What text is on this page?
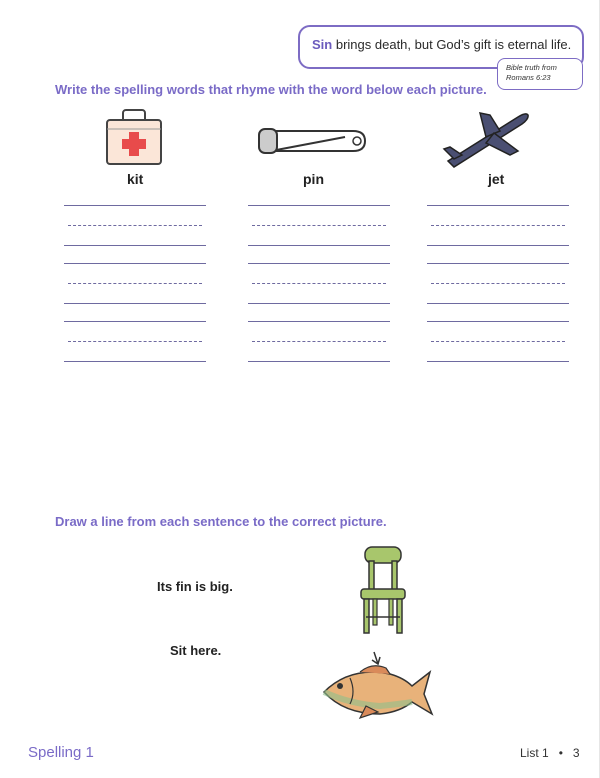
Sin brings death, but God’s gift is eternal life.
Bible truth from
Romans 6:23
Write the spelling words that rhyme with the word below each picture.
kit	pin	jet
Draw a line from each sentence to the correct picture.
Its fin is big.
Sit here.
Spelling 1	List 1 • 3
